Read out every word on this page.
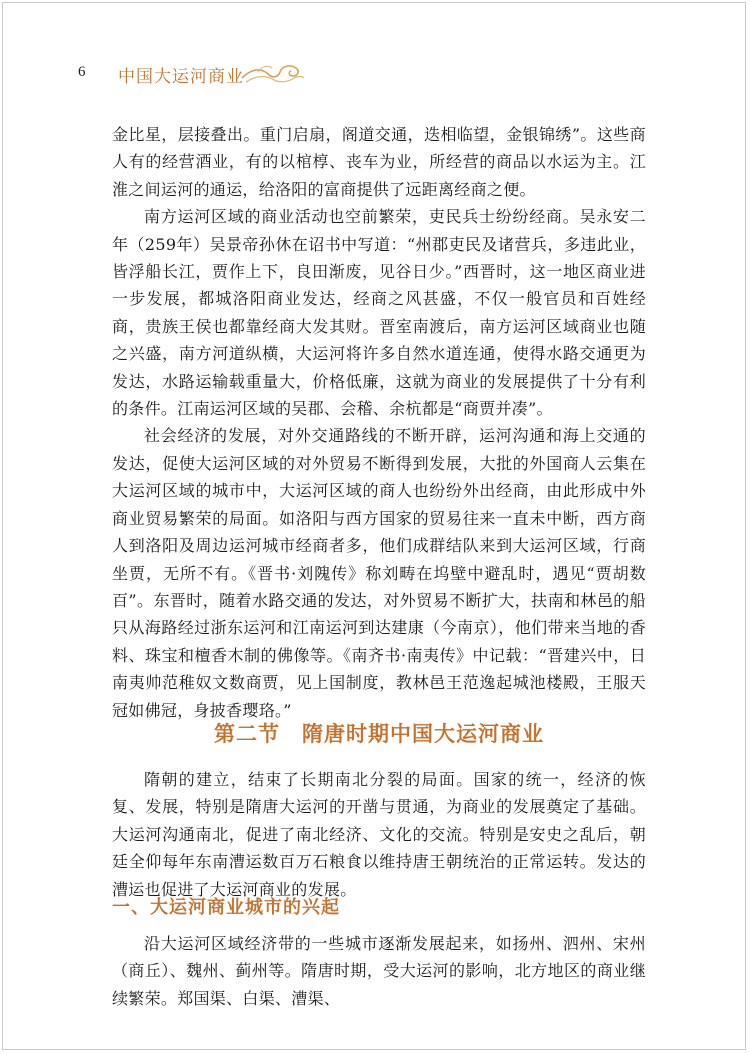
6 中国大运河商业

金比星，层接叠出。重门启扇，阁道交通，迭相临望，金银锦绣”。这些商人有的经营酒业，有的以棺椁、丧车为业，所经营的商品以水运为主。江淮之间运河的通运，给洛阳的富商提供了远距离经商之便。

南方运河区域的商业活动也空前繁荣，吏民兵士纷纷经商。吴永安二年（259年）吴景帝孙休在诏书中写道：“州郡吏民及诸营兵，多违此业，皆浮船长江，贾作上下，良田渐废，见谷日少。”西晋时，这一地区商业进一步发展，都城洛阳商业发达，经商之风甚盛，不仅一般官员和百姓经商，贵族王侯也都靠经商大发其财。晋室南渡后，南方运河区域商业也随之兴盛，南方河道纵横，大运河将许多自然水道连通，使得水路交通更为发达，水路运输载重量大，价格低廉，这就为商业的发展提供了十分有利的条件。江南运河区域的吴郡、会稽、余杭都是“商贾并凑”。

社会经济的发展，对外交通路线的不断开辟，运河沟通和海上交通的发达，促使大运河区域的对外贸易不断得到发展，大批的外国商人云集在大运河区域的城市中，大运河区域的商人也纷纷外出经商，由此形成中外商业贸易繁荣的局面。如洛阳与西方国家的贸易往来一直未中断，西方商人到洛阳及周边运河城市经商者多，他们成群结队来到大运河区域，行商坐贾，无所不有。《晋书·刘隗传》称刘畴在坞壁中避乱时，遇见“贾胡数百”。东晋时，随着水路交通的发达，对外贸易不断扩大，扶南和林邑的船只从海路经过浙东运河和江南运河到达建康（今南京），他们带来当地的香料、珠宝和檀香木制的佛像等。《南齐书·南夷传》中记载：“晋建兴中，日南夷帅范稚奴文数商贾，见上国制度，教林邑王范逸起城池楼殿，王服天冠如佛冠，身披香璎珞。”

第二节　隋唐时期中国大运河商业

隋朝的建立，结束了长期南北分裂的局面。国家的统一，经济的恢复、发展，特别是隋唐大运河的开凿与贯通，为商业的发展奠定了基础。大运河沟通南北，促进了南北经济、文化的交流。特别是安史之乱后，朝廷全仰每年东南漕运数百万石粮食以维持唐王朝统治的正常运转。发达的漕运也促进了大运河商业的发展。

一、大运河商业城市的兴起

沿大运河区域经济带的一些城市逐渐发展起来，如扬州、泗州、宋州（商丘）、魏州、蓟州等。隋唐时期，受大运河的影响，北方地区的商业继续繁荣。郑国渠、白渠、漕渠、
